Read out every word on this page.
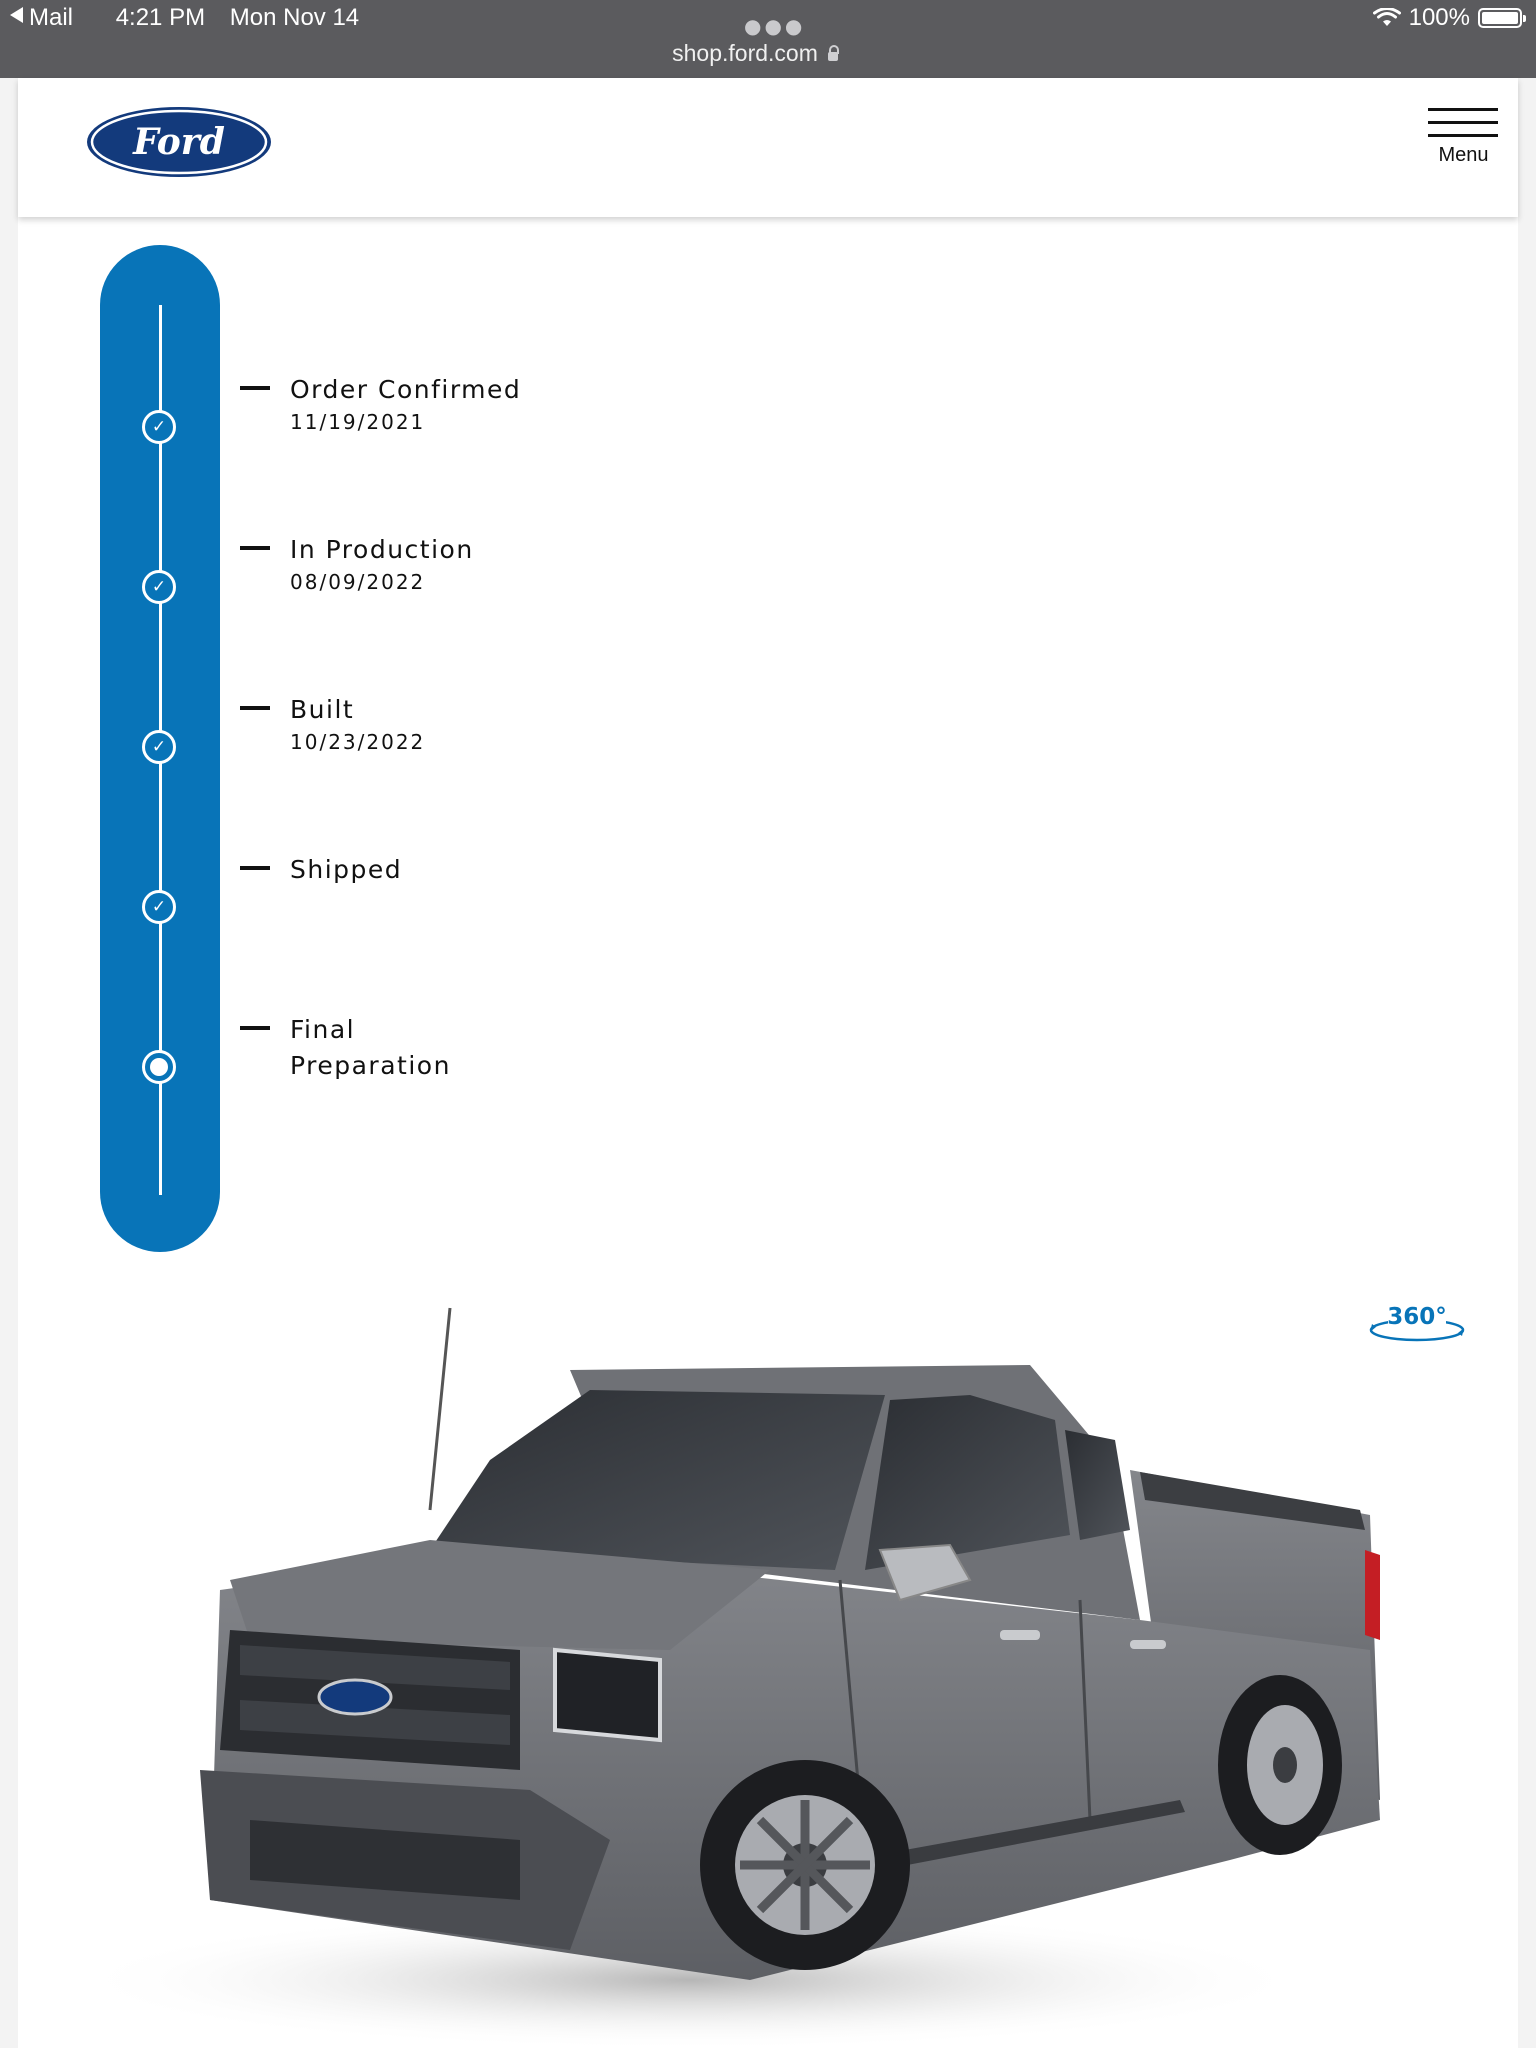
Mail 4:21 PM Mon Nov 14	●●●
shop.ford.com
100%
Ford	Menu
✓
✓
✓
✓
Order Confirmed
11/19/2021
In Production
08/09/2022
Built
10/23/2022
Shipped
Final
Preparation
360°
